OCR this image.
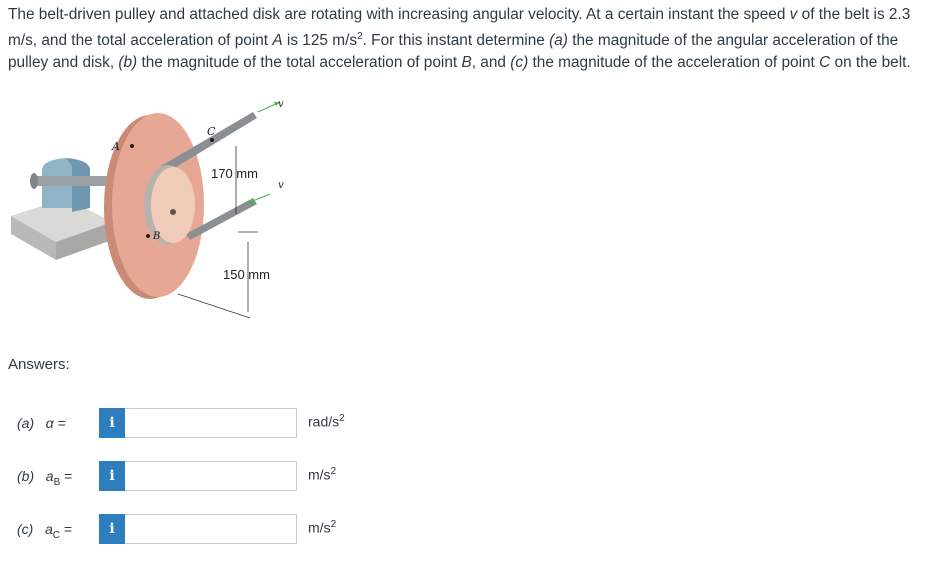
The belt-driven pulley and attached disk are rotating with increasing angular velocity. At a certain instant the speed v of the belt is 2.3 m/s, and the total acceleration of point A is 125 $m/s^2$. For this instant determine (a) the magnitude of the angular acceleration of the pulley and disk, (b) the magnitude of the total acceleration of point B, and (c) the magnitude of the acceleration of point C on the belt.

A
B
C
v
v
170 mm
150 mm
Answers:
(a) α =	i	rad/$s^2$
(b) $a_B$ =	i	$m/s^2$
(c) $a_C$ =	i	$m/s^2$
